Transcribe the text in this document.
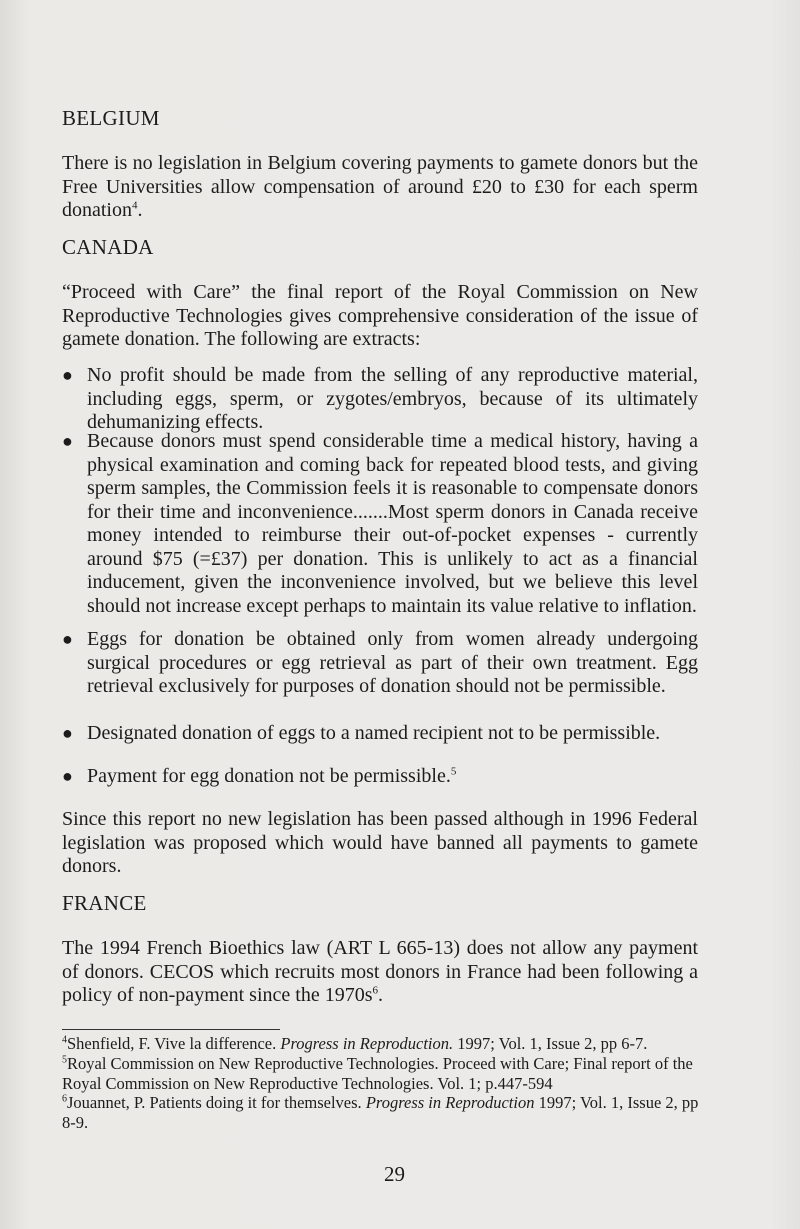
BELGIUM
There is no legislation in Belgium covering payments to gamete donors but the Free Universities allow compensation of around £20 to £30 for each sperm donation$^4$.
CANADA
“Proceed with Care” the final report of the Royal Commission on New Reproductive Technologies gives comprehensive consideration of the issue of gamete donation. The following are extracts:
● No profit should be made from the selling of any reproductive material, including eggs, sperm, or zygotes/embryos, because of its ultimately dehumanizing effects.
● Because donors must spend considerable time a medical history, having a physical examination and coming back for repeated blood tests, and giving sperm samples, the Commission feels it is reasonable to compensate donors for their time and inconvenience.......Most sperm donors in Canada receive money intended to reimburse their out-of-pocket expenses - currently around $75 (=£37) per donation. This is unlikely to act as a financial inducement, given the inconvenience involved, but we believe this level should not increase except perhaps to maintain its value relative to inflation.
● Eggs for donation be obtained only from women already undergoing surgical procedures or egg retrieval as part of their own treatment. Egg retrieval exclusively for purposes of donation should not be permissible.
● Designated donation of eggs to a named recipient not to be permissible.
● Payment for egg donation not be permissible.$^5$
Since this report no new legislation has been passed although in 1996 Federal legislation was proposed which would have banned all payments to gamete donors.
FRANCE
The 1994 French Bioethics law (ART L 665-13) does not allow any payment of donors. CECOS which recruits most donors in France had been following a policy of non-payment since the $1970s^6$.
$^4$Shenfield, F. Vive la difference. Progress in Reproduction. 1997; Vol. 1, Issue 2, pp 6-7.
$^5$Royal Commission on New Reproductive Technologies. Proceed with Care; Final report of the Royal Commission on New Reproductive Technologies. Vol. 1; p.447-594
$^6$Jouannet, P. Patients doing it for themselves. Progress in Reproduction 1997; Vol. 1, Issue 2, pp 8-9.
29
